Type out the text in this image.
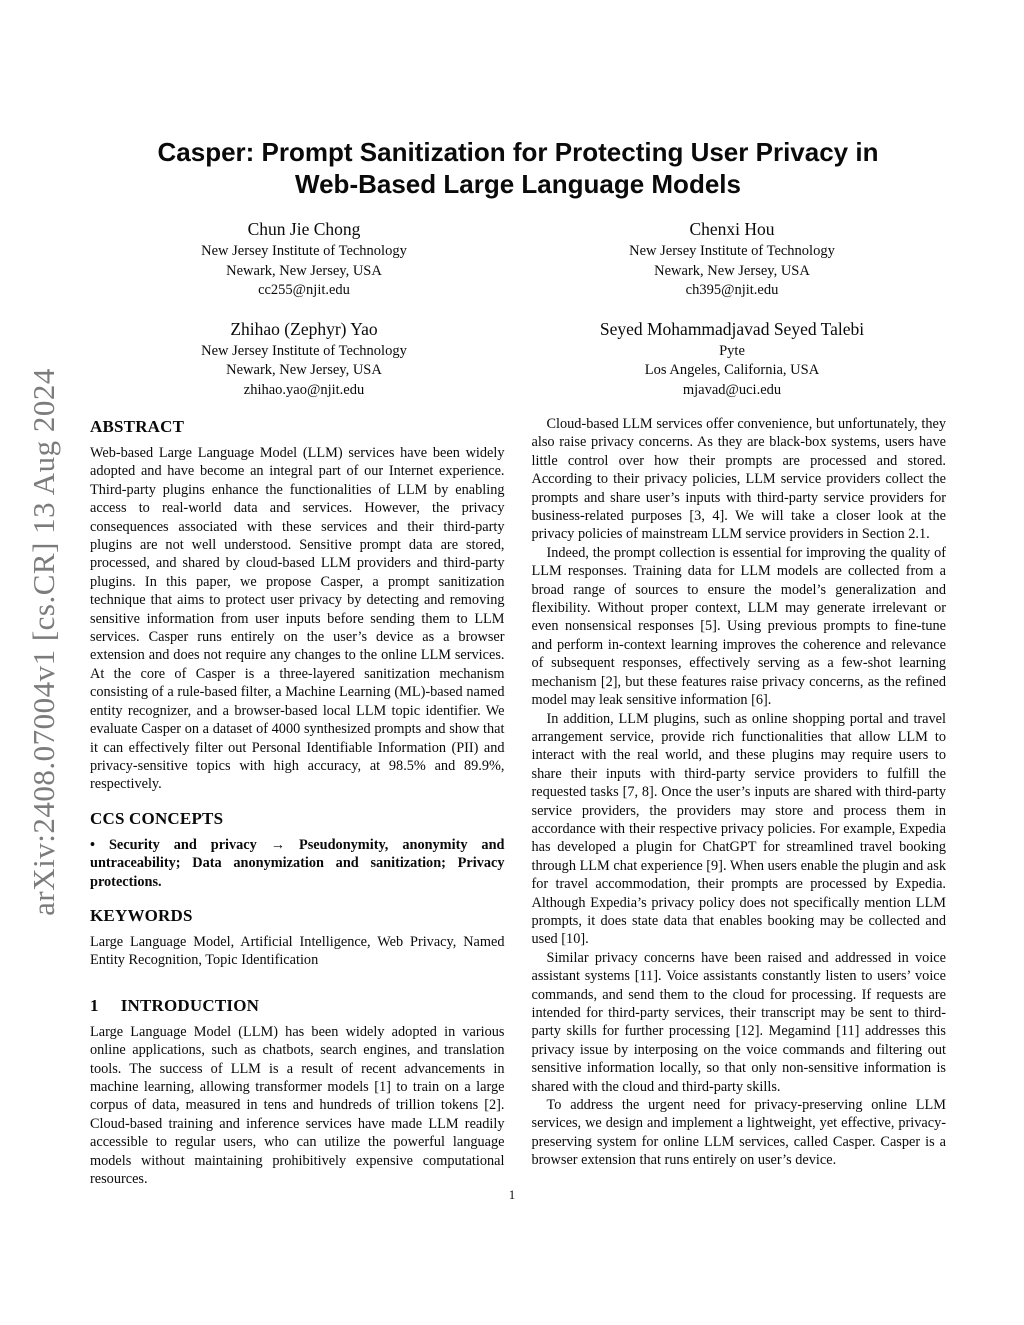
arXiv:2408.07004v1 [cs.CR] 13 Aug 2024
Casper: Prompt Sanitization for Protecting User Privacy in
Web-Based Large Language Models
Chun Jie Chong
New Jersey Institute of Technology
Newark, New Jersey, USA
cc255@njit.edu
Chenxi Hou
New Jersey Institute of Technology
Newark, New Jersey, USA
ch395@njit.edu
Zhihao (Zephyr) Yao
New Jersey Institute of Technology
Newark, New Jersey, USA
zhihao.yao@njit.edu
Seyed Mohammadjavad Seyed Talebi
Pyte
Los Angeles, California, USA
mjavad@uci.edu
ABSTRACT

Web-based Large Language Model (LLM) services have been widely adopted and have become an integral part of our Internet experience. Third-party plugins enhance the functionalities of LLM by enabling access to real-world data and services. However, the privacy consequences associated with these services and their third-party plugins are not well understood. Sensitive prompt data are stored, processed, and shared by cloud-based LLM providers and third-party plugins. In this paper, we propose Casper, a prompt sanitization technique that aims to protect user privacy by detecting and removing sensitive information from user inputs before sending them to LLM services. Casper runs entirely on the user’s device as a browser extension and does not require any changes to the online LLM services. At the core of Casper is a three-layered sanitization mechanism consisting of a rule-based filter, a Machine Learning (ML)-based named entity recognizer, and a browser-based local LLM topic identifier. We evaluate Casper on a dataset of 4000 synthesized prompts and show that it can effectively filter out Personal Identifiable Information (PII) and privacy-sensitive topics with high accuracy, at 98.5% and 89.9%, respectively.

CCS CONCEPTS

• Security and privacy → Pseudonymity, anonymity and untraceability; Data anonymization and sanitization; Privacy protections.

KEYWORDS

Large Language Model, Artificial Intelligence, Web Privacy, Named Entity Recognition, Topic Identification

1 INTRODUCTION

Large Language Model (LLM) has been widely adopted in various online applications, such as chatbots, search engines, and translation tools. The success of LLM is a result of recent advancements in machine learning, allowing transformer models [1] to train on a large corpus of data, measured in tens and hundreds of trillion tokens [2]. Cloud-based training and inference services have made LLM readily accessible to regular users, who can utilize the powerful language models without maintaining prohibitively expensive computational resources.

Cloud-based LLM services offer convenience, but unfortunately, they also raise privacy concerns. As they are black-box systems, users have little control over how their prompts are processed and stored. According to their privacy policies, LLM service providers collect the prompts and share user’s inputs with third-party service providers for business-related purposes [3, 4]. We will take a closer look at the privacy policies of mainstream LLM service providers in Section 2.1.

Indeed, the prompt collection is essential for improving the quality of LLM responses. Training data for LLM models are collected from a broad range of sources to ensure the model’s generalization and flexibility. Without proper context, LLM may generate irrelevant or even nonsensical responses [5]. Using previous prompts to fine-tune and perform in-context learning improves the coherence and relevance of subsequent responses, effectively serving as a few-shot learning mechanism [2], but these features raise privacy concerns, as the refined model may leak sensitive information [6].

In addition, LLM plugins, such as online shopping portal and travel arrangement service, provide rich functionalities that allow LLM to interact with the real world, and these plugins may require users to share their inputs with third-party service providers to fulfill the requested tasks [7, 8]. Once the user’s inputs are shared with third-party service providers, the providers may store and process them in accordance with their respective privacy policies. For example, Expedia has developed a plugin for ChatGPT for streamlined travel booking through LLM chat experience [9]. When users enable the plugin and ask for travel accommodation, their prompts are processed by Expedia. Although Expedia’s privacy policy does not specifically mention LLM prompts, it does state data that enables booking may be collected and used [10].

Similar privacy concerns have been raised and addressed in voice assistant systems [11]. Voice assistants constantly listen to users’ voice commands, and send them to the cloud for processing. If requests are intended for third-party services, their transcript may be sent to third-party skills for further processing [12]. Megamind [11] addresses this privacy issue by interposing on the voice commands and filtering out sensitive information locally, so that only non-sensitive information is shared with the cloud and third-party skills.

To address the urgent need for privacy-preserving online LLM services, we design and implement a lightweight, yet effective, privacy-preserving system for online LLM services, called Casper. Casper is a browser extension that runs entirely on user’s device.

1
